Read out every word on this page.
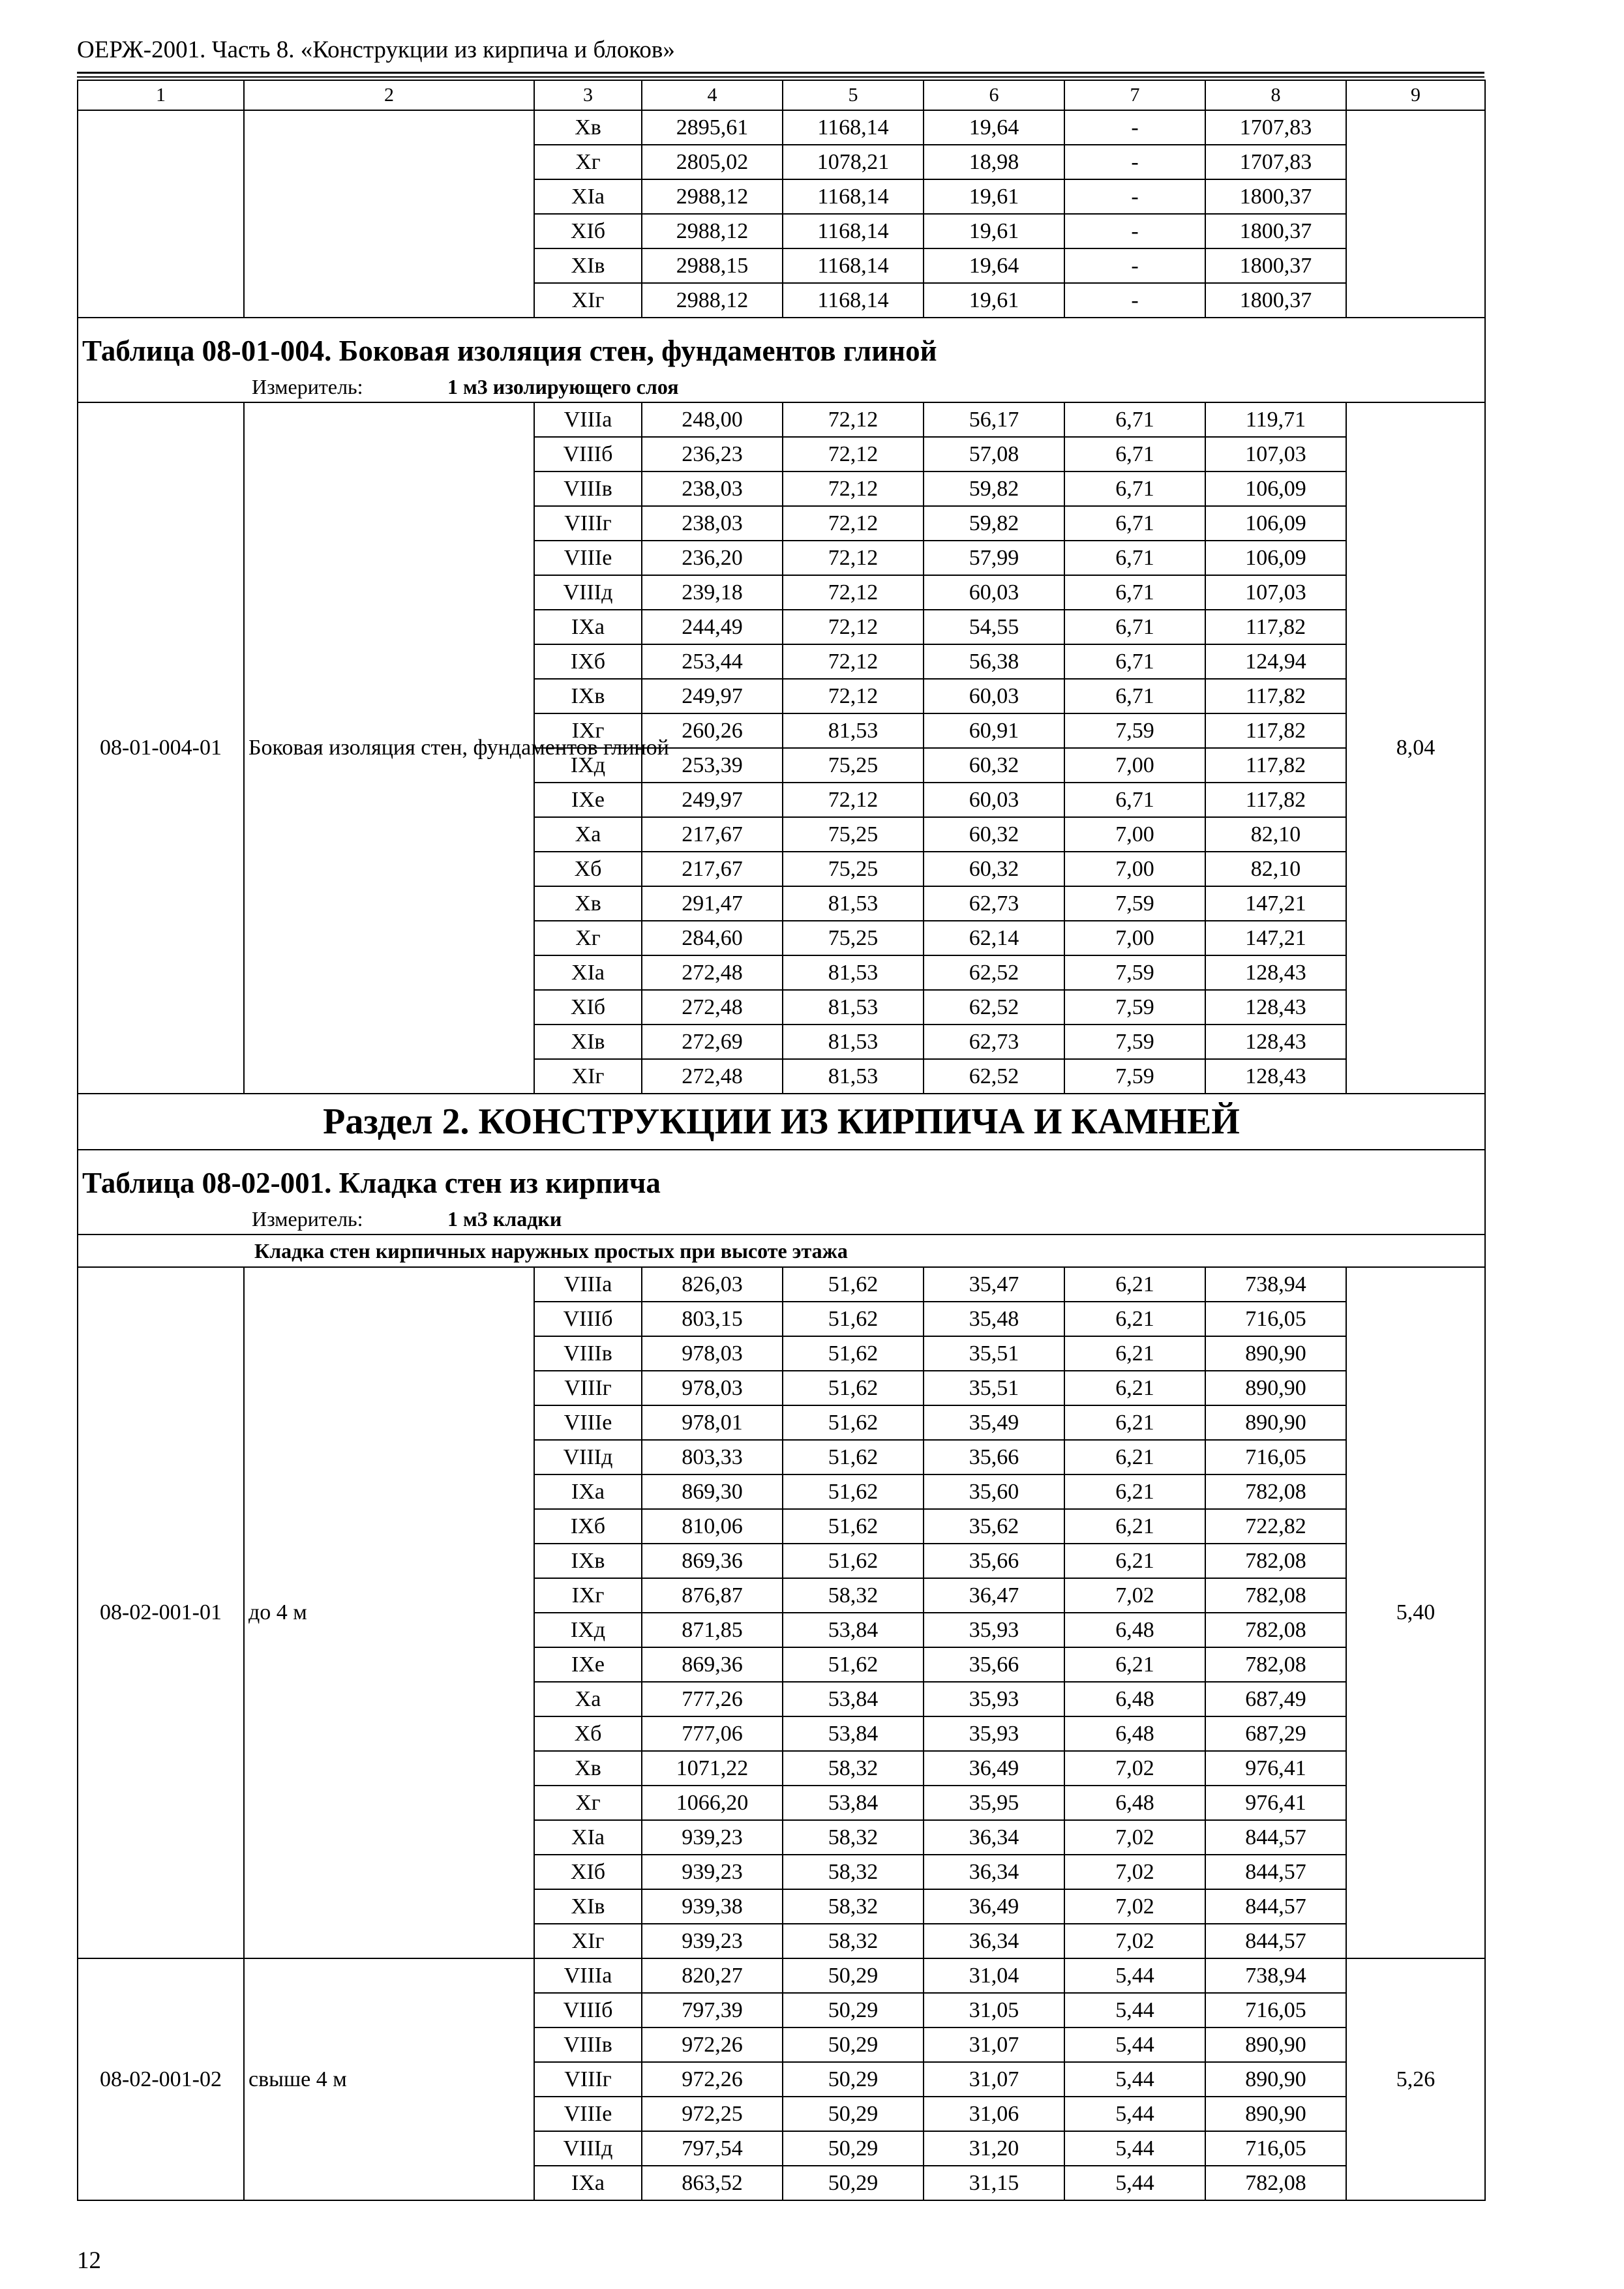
ОЕРЖ-2001. Часть 8. «Конструкции из кирпича и блоков»
1	2	3	4	5	6	7	8	9
		Хв	2895,61	1168,14	19,64	-	1707,83	
		Хг	2805,02	1078,21	18,98	-	1707,83	
		ХIа	2988,12	1168,14	19,61	-	1800,37	
		ХIб	2988,12	1168,14	19,61	-	1800,37	
		ХIв	2988,15	1168,14	19,64	-	1800,37	
		ХIг	2988,12	1168,14	19,61	-	1800,37	
Таблица 08-01-004. Боковая изоляция стен, фундаментов глиной								
Измеритель: 1 м3 изолирующего слоя								
08-01-004-01	Боковая изоляция стен, фундаментов глиной	VIIIа	248,00	72,12	56,17	6,71	119,71	8,04
		VIIIб	236,23	72,12	57,08	6,71	107,03	
		VIIIв	238,03	72,12	59,82	6,71	106,09	
		VIIIг	238,03	72,12	59,82	6,71	106,09	
		VIIIе	236,20	72,12	57,99	6,71	106,09	
		VIIIд	239,18	72,12	60,03	6,71	107,03	
		IХа	244,49	72,12	54,55	6,71	117,82	
		IХб	253,44	72,12	56,38	6,71	124,94	
		IХв	249,97	72,12	60,03	6,71	117,82	
		IХг	260,26	81,53	60,91	7,59	117,82	
		IХд	253,39	75,25	60,32	7,00	117,82	
		IХе	249,97	72,12	60,03	6,71	117,82	
		Ха	217,67	75,25	60,32	7,00	82,10	
		Хб	217,67	75,25	60,32	7,00	82,10	
		Хв	291,47	81,53	62,73	7,59	147,21	
		Хг	284,60	75,25	62,14	7,00	147,21	
		ХIа	272,48	81,53	62,52	7,59	128,43	
		ХIб	272,48	81,53	62,52	7,59	128,43	
		ХIв	272,69	81,53	62,73	7,59	128,43	
		ХIг	272,48	81,53	62,52	7,59	128,43	
Раздел 2. КОНСТРУКЦИИ ИЗ КИРПИЧА И КАМНЕЙ								
Таблица 08-02-001. Кладка стен из кирпича								
Измеритель: 1 м3 кладки								
Кладка стен кирпичных наружных простых при высоте этажа								
08-02-001-01	до 4 м	VIIIа	826,03	51,62	35,47	6,21	738,94	5,40
		VIIIб	803,15	51,62	35,48	6,21	716,05	
		VIIIв	978,03	51,62	35,51	6,21	890,90	
		VIIIг	978,03	51,62	35,51	6,21	890,90	
		VIIIе	978,01	51,62	35,49	6,21	890,90	
		VIIIд	803,33	51,62	35,66	6,21	716,05	
		IХа	869,30	51,62	35,60	6,21	782,08	
		IХб	810,06	51,62	35,62	6,21	722,82	
		IХв	869,36	51,62	35,66	6,21	782,08	
		IХг	876,87	58,32	36,47	7,02	782,08	
		IХд	871,85	53,84	35,93	6,48	782,08	
		IХе	869,36	51,62	35,66	6,21	782,08	
		Ха	777,26	53,84	35,93	6,48	687,49	
		Хб	777,06	53,84	35,93	6,48	687,29	
		Хв	1071,22	58,32	36,49	7,02	976,41	
		Хг	1066,20	53,84	35,95	6,48	976,41	
		ХIа	939,23	58,32	36,34	7,02	844,57	
		ХIб	939,23	58,32	36,34	7,02	844,57	
		ХIв	939,38	58,32	36,49	7,02	844,57	
		ХIг	939,23	58,32	36,34	7,02	844,57	
08-02-001-02	свыше 4 м	VIIIа	820,27	50,29	31,04	5,44	738,94	5,26
		VIIIб	797,39	50,29	31,05	5,44	716,05	
		VIIIв	972,26	50,29	31,07	5,44	890,90	
		VIIIг	972,26	50,29	31,07	5,44	890,90	
		VIIIе	972,25	50,29	31,06	5,44	890,90	
		VIIIд	797,54	50,29	31,20	5,44	716,05	
		IХа	863,52	50,29	31,15	5,44	782,08	
12
